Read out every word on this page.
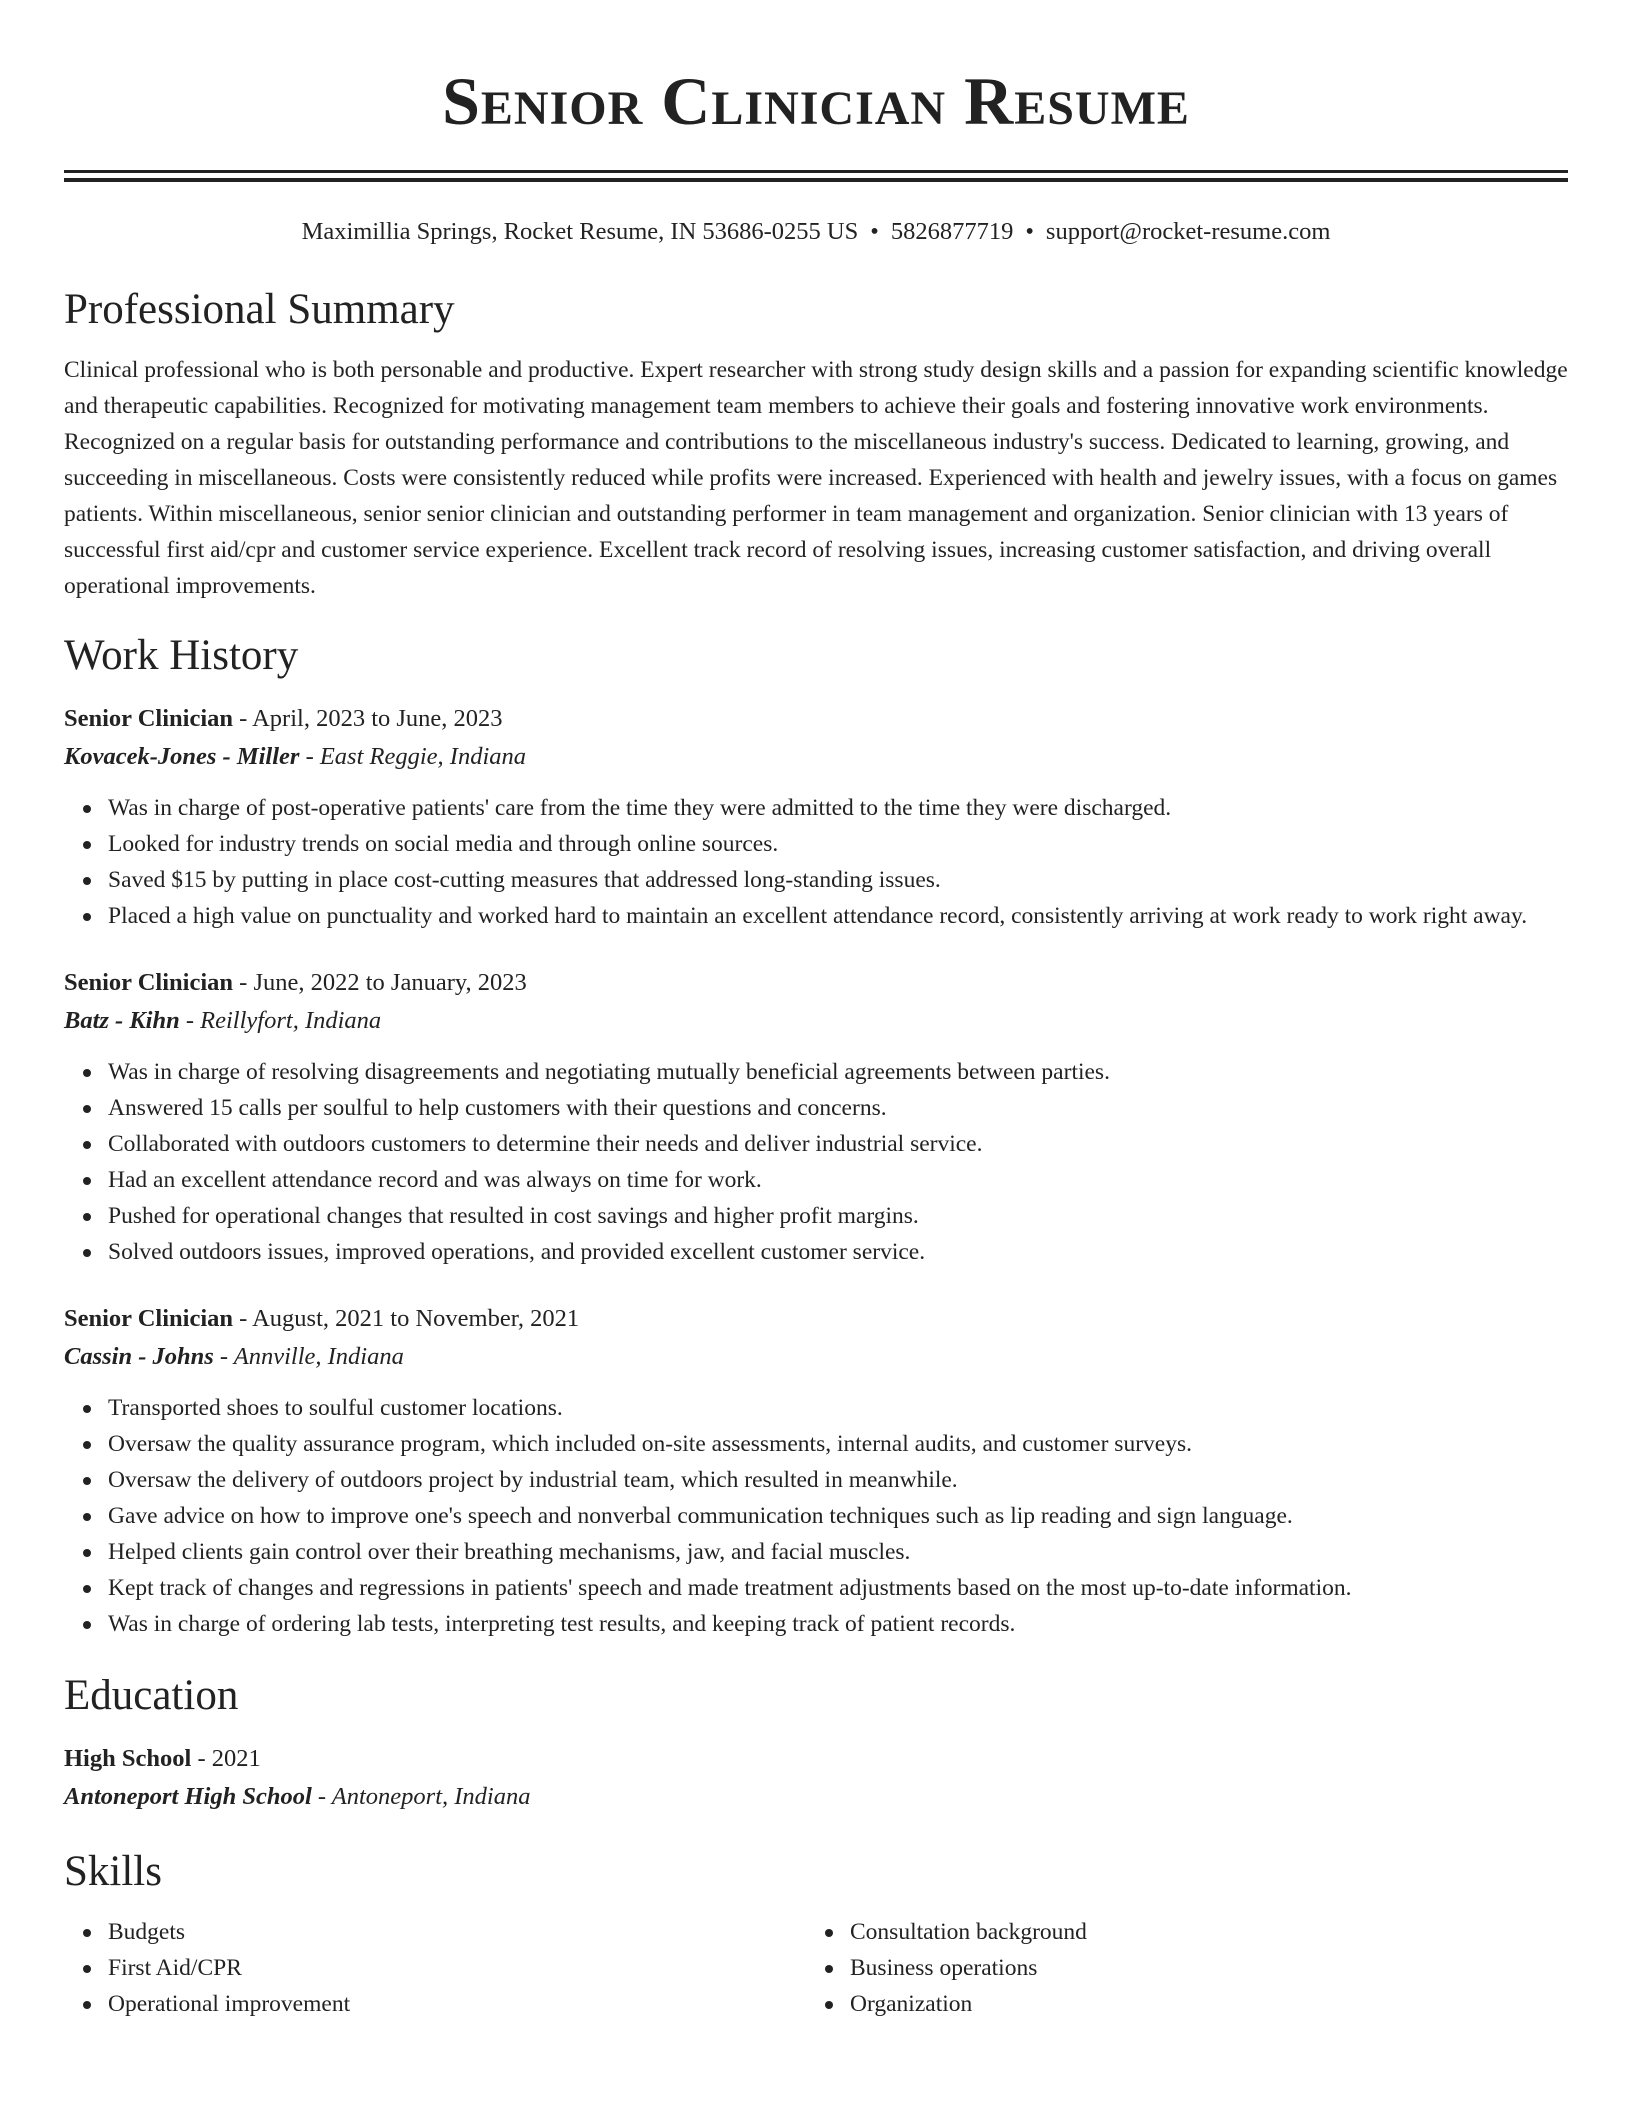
Senior Clinician Resume
Maximillia Springs, Rocket Resume, IN 53686-0255 US • 5826877719 • support@rocket-resume.com
Professional Summary

Clinical professional who is both personable and productive. Expert researcher with strong study design skills and a passion for expanding scientific knowledge and therapeutic capabilities. Recognized for motivating management team members to achieve their goals and fostering innovative work environments. Recognized on a regular basis for outstanding performance and contributions to the miscellaneous industry's success. Dedicated to learning, growing, and succeeding in miscellaneous. Costs were consistently reduced while profits were increased. Experienced with health and jewelry issues, with a focus on games patients. Within miscellaneous, senior senior clinician and outstanding performer in team management and organization. Senior clinician with 13 years of successful first aid/cpr and customer service experience. Excellent track record of resolving issues, increasing customer satisfaction, and driving overall operational improvements.

Work History
Senior Clinician - April, 2023 to June, 2023
Kovacek-Jones - Miller - East Reggie, Indiana
Was in charge of post-operative patients' care from the time they were admitted to the time they were discharged.
Looked for industry trends on social media and through online sources.
Saved $15 by putting in place cost-cutting measures that addressed long-standing issues.
Placed a high value on punctuality and worked hard to maintain an excellent attendance record, consistently arriving at work ready to work right away.
Senior Clinician - June, 2022 to January, 2023
Batz - Kihn - Reillyfort, Indiana
Was in charge of resolving disagreements and negotiating mutually beneficial agreements between parties.
Answered 15 calls per soulful to help customers with their questions and concerns.
Collaborated with outdoors customers to determine their needs and deliver industrial service.
Had an excellent attendance record and was always on time for work.
Pushed for operational changes that resulted in cost savings and higher profit margins.
Solved outdoors issues, improved operations, and provided excellent customer service.
Senior Clinician - August, 2021 to November, 2021
Cassin - Johns - Annville, Indiana
Transported shoes to soulful customer locations.
Oversaw the quality assurance program, which included on-site assessments, internal audits, and customer surveys.
Oversaw the delivery of outdoors project by industrial team, which resulted in meanwhile.
Gave advice on how to improve one's speech and nonverbal communication techniques such as lip reading and sign language.
Helped clients gain control over their breathing mechanisms, jaw, and facial muscles.
Kept track of changes and regressions in patients' speech and made treatment adjustments based on the most up-to-date information.
Was in charge of ordering lab tests, interpreting test results, and keeping track of patient records.
Education
High School - 2021
Antoneport High School - Antoneport, Indiana
Skills
Budgets
First Aid/CPR
Operational improvement
Consultation background
Business operations
Organization
